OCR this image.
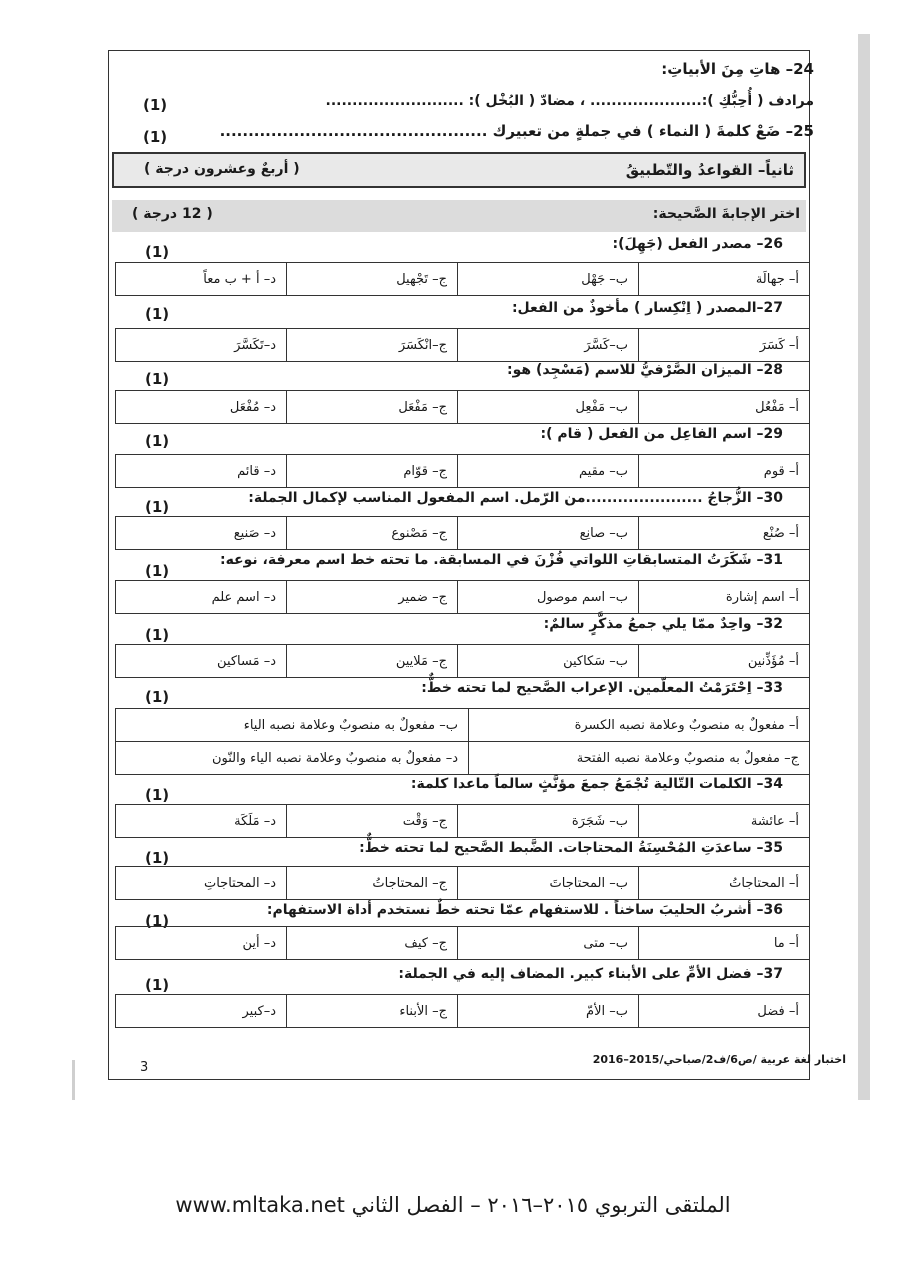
24– هاتِ مِنَ الأبياتِ:
مرادف ( أُحِبُّكِ ):..................... ، مضادّ ( البُخْل ): ..........................
(1)
25– ضَعْ كلمةَ ( النماء ) في جملةٍ من تعبيرك ...............................................
(1)
ثانياً– القواعدُ والتّطبيقُ
( أربعٌ وعشرون درجة )
اختر الإجابةَ الصَّحيحة:
( 12 درجة )
26– مصدر الفعل (جَهِلَ):
(1)
أ– جهالَة	ب– جَهْل	ج– تَجْهيل	د– أ + ب معاً
27–المصدر ( اِنْكِسار ) مأخوذٌ من الفعل:
(1)
أ– كَسَرَ	ب–كَسَّرَ	ج–انْكَسَرَ	د–تَكَسَّرَ
28– الميزان الصَّرْفيُّ للاسم (مَسْجِد) هو:
(1)
أ– مَفْعُل	ب– مَفْعِل	ج– مَفْعَل	د– مُفْعَل
29– اسم الفاعِل من الفعل ( قام ):
(1)
أ– قوم	ب– مقيم	ج– قوّام	د– قائم
30– الزُّجاجُ ......................من الرّمل. اسم المفعول المناسب لإكمال الجملة:
(1)
أ– صُنْع	ب– صانِع	ج– مَصْنوع	د– صَنيع
31– شَكَرَتُ المتسابقاتِ اللواتي فُزْنَ في المسابقة. ما تحته خط اسم معرفة، نوعه:
(1)
أ– اسم إشارة	ب– اسم موصول	ج– ضمير	د– اسم علم
32– واحِدٌ ممّا يلي جمعُ مذكَّرٍ سالمٌ:
(1)
أ– مُؤَذِّنين	ب– سَكاكين	ج– مَلايين	د– مَساكين
33– اِحْتَرَمْتُ المعلّمين. الإعراب الصَّحيح لما تحته خطٌّ:
(1)
أ– مفعولٌ به منصوبٌ وعلامة نصبه الكسرة	ب– مفعولٌ به منصوبٌ وعلامة نصبه الياء
ج– مفعولٌ به منصوبٌ وعلامة نصبه الفتحة	د– مفعولٌ به منصوبٌ وعلامة نصبه الياء والنّون
34– الكلمات التّالية تُجْمَعُ جمعَ مؤنَّثٍ سالماً ماعدا كلمة:
(1)
أ– عائشة	ب– شَجَرَة	ج– وَقْت	د– مَلَكَة
35– ساعدَتِ المُحْسِنَةُ المحتاجات. الضَّبط الصَّحيح لما تحته خطٌّ:
(1)
أ– المحتاجاتُ	ب– المحتاجاتَ	ج– المحتاجاتُ	د– المحتاجاتِ
36– أشربُ الحليبَ ساخناً . للاستفهام عمّا تحته خطٌ نستخدم أداة الاستفهام:
(1)
أ– ما	ب– متى	ج– كيف	د– أين
37– فضل الأمِّ على الأبناء كبير. المضاف إليه في الجملة:
(1)
أ– فضل	ب– الأمّ	ج– الأبناء	د–كبير
اختبار لغة عربية /ص6/ف2/صباحي/2015–2016
3
الملتقى التربوي ٢٠١٥–٢٠١٦ – الفصل الثاني www.mltaka.net
